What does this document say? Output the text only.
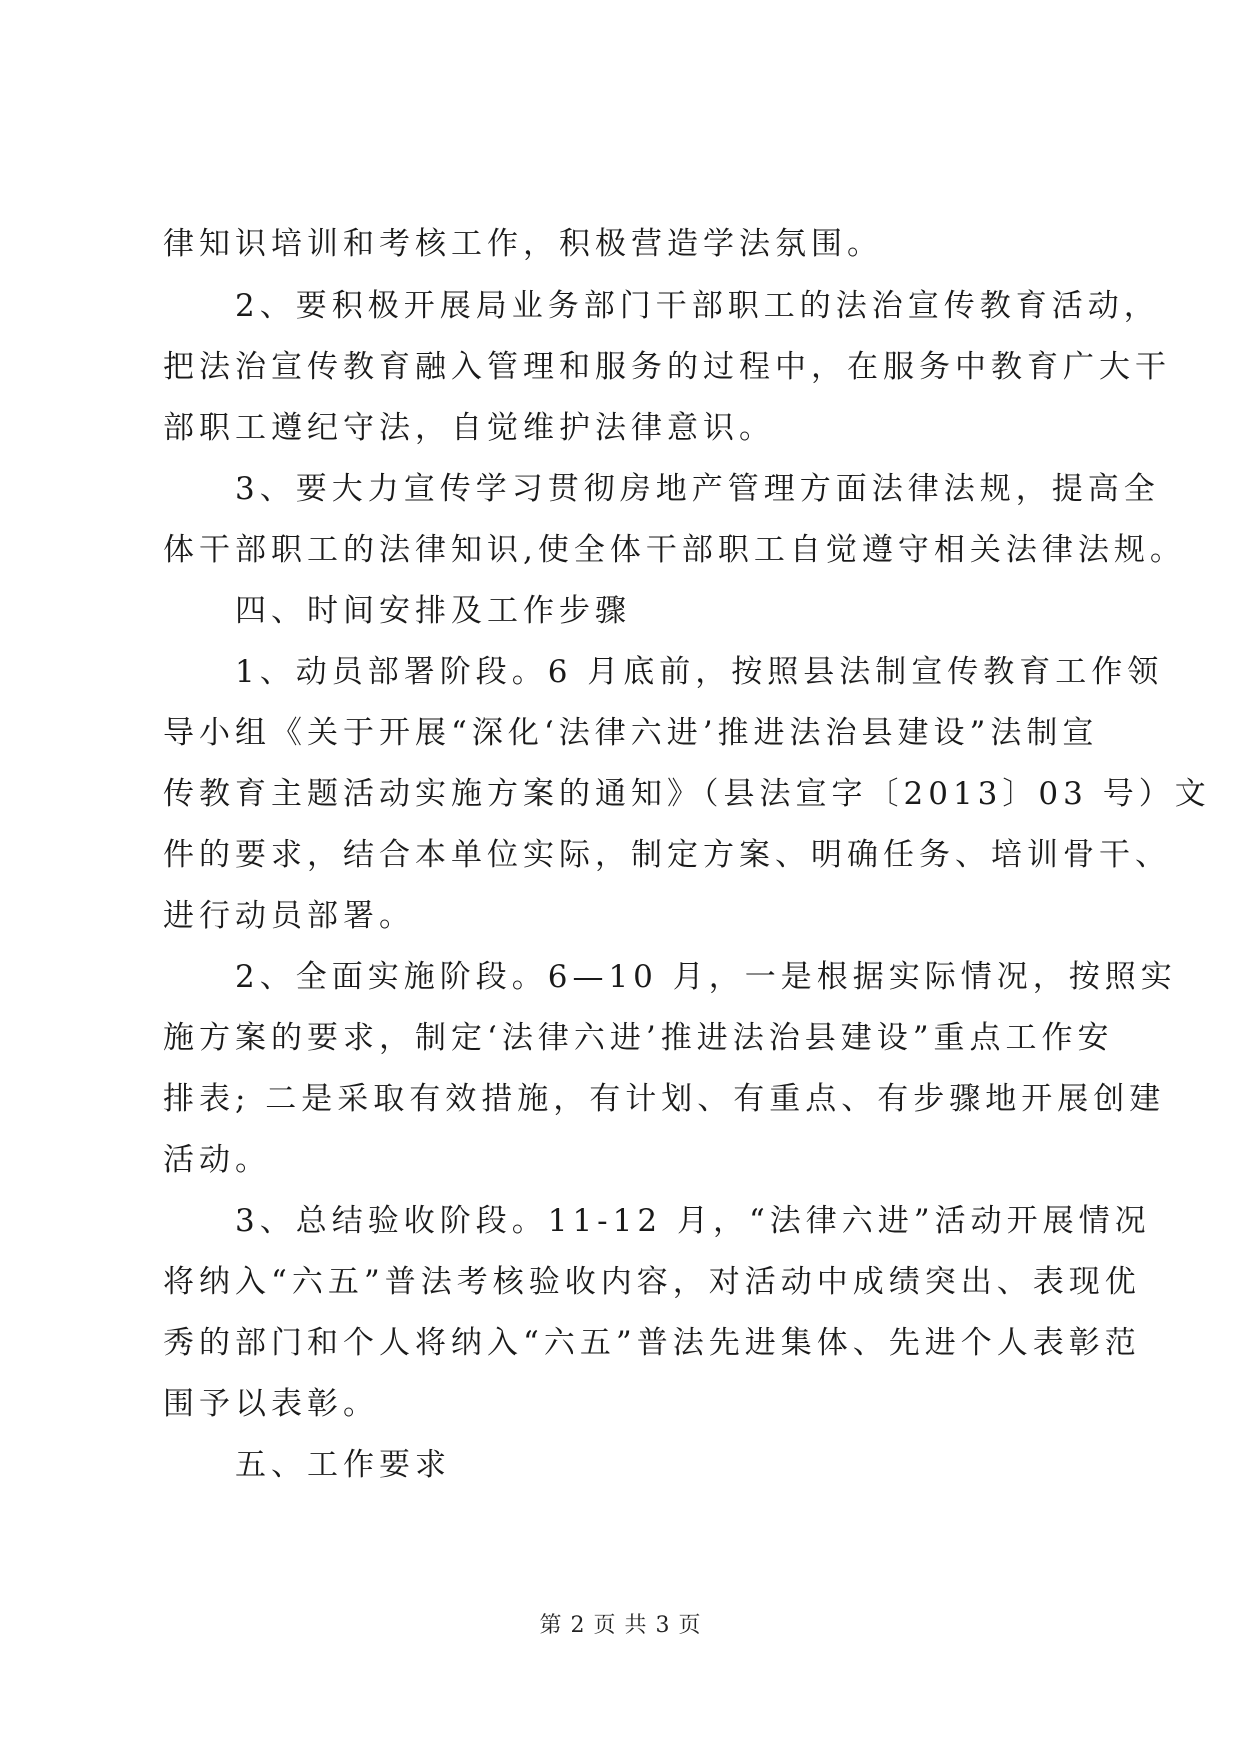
律知识培训和考核工作，积极营造学法氛围。
　　2、要积极开展局业务部门干部职工的法治宣传教育活动，
把法治宣传教育融入管理和服务的过程中，在服务中教育广大干
部职工遵纪守法，自觉维护法律意识。
　　3、要大力宣传学习贯彻房地产管理方面法律法规，提高全
体干部职工的法律知识,使全体干部职工自觉遵守相关法律法规。
　　四、时间安排及工作步骤
　　1、动员部署阶段。6 月底前，按照县法制宣传教育工作领
导小组《关于开展“深化‘法律六进’推进法治县建设”法制宣
传教育主题活动实施方案的通知》（县法宣字〔2013〕03 号）文
件的要求，结合本单位实际，制定方案、明确任务、培训骨干、
进行动员部署。
　　2、全面实施阶段。6—10 月，一是根据实际情况，按照实
施方案的要求，制定‘法律六进’推进法治县建设”重点工作安
排表; 二是采取有效措施，有计划、有重点、有步骤地开展创建
活动。
　　3、总结验收阶段。11-12 月，“法律六进”活动开展情况
将纳入“六五”普法考核验收内容，对活动中成绩突出、表现优
秀的部门和个人将纳入“六五”普法先进集体、先进个人表彰范
围予以表彰。
　　五、工作要求
第 2 页 共 3 页
